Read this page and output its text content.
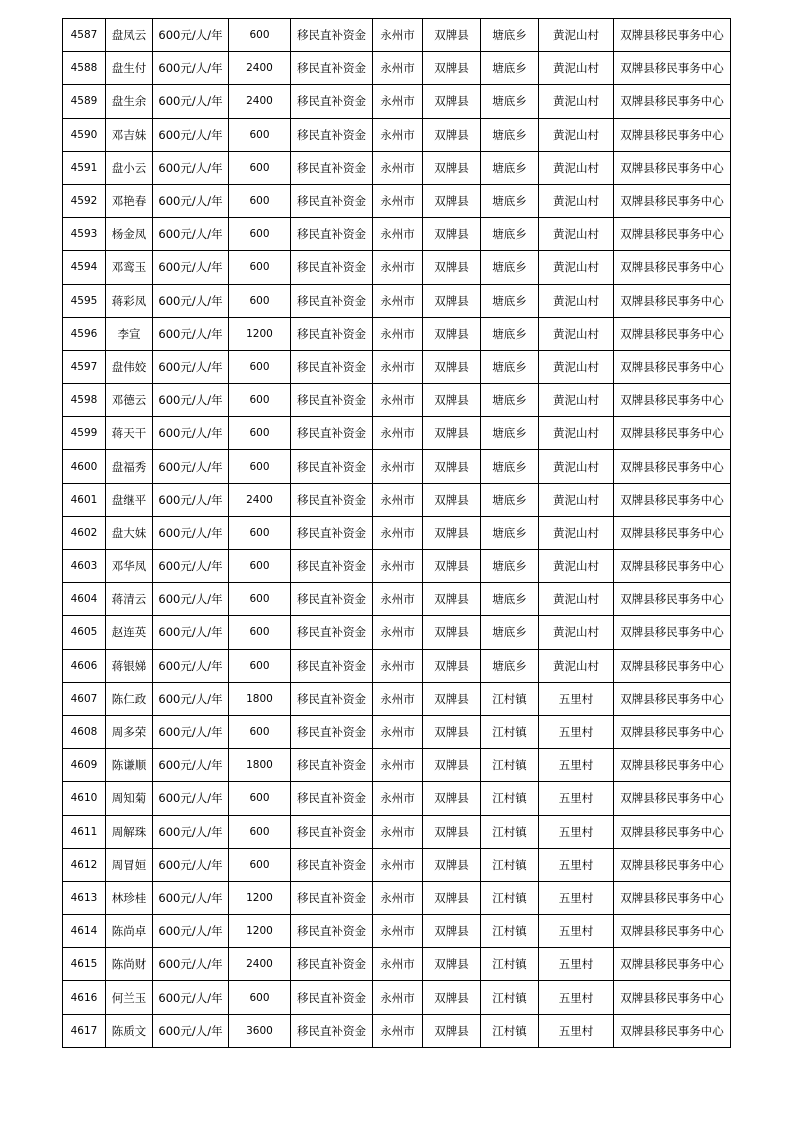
4587	盘凤云	600元/人/年	600	移民直补资金	永州市	双牌县	塘底乡	黄泥山村	双牌县移民事务中心
4588	盘生付	600元/人/年	2400	移民直补资金	永州市	双牌县	塘底乡	黄泥山村	双牌县移民事务中心
4589	盘生余	600元/人/年	2400	移民直补资金	永州市	双牌县	塘底乡	黄泥山村	双牌县移民事务中心
4590	邓吉妹	600元/人/年	600	移民直补资金	永州市	双牌县	塘底乡	黄泥山村	双牌县移民事务中心
4591	盘小云	600元/人/年	600	移民直补资金	永州市	双牌县	塘底乡	黄泥山村	双牌县移民事务中心
4592	邓艳春	600元/人/年	600	移民直补资金	永州市	双牌县	塘底乡	黄泥山村	双牌县移民事务中心
4593	杨金凤	600元/人/年	600	移民直补资金	永州市	双牌县	塘底乡	黄泥山村	双牌县移民事务中心
4594	邓鸾玉	600元/人/年	600	移民直补资金	永州市	双牌县	塘底乡	黄泥山村	双牌县移民事务中心
4595	蒋彩凤	600元/人/年	600	移民直补资金	永州市	双牌县	塘底乡	黄泥山村	双牌县移民事务中心
4596	李宣	600元/人/年	1200	移民直补资金	永州市	双牌县	塘底乡	黄泥山村	双牌县移民事务中心
4597	盘伟姣	600元/人/年	600	移民直补资金	永州市	双牌县	塘底乡	黄泥山村	双牌县移民事务中心
4598	邓德云	600元/人/年	600	移民直补资金	永州市	双牌县	塘底乡	黄泥山村	双牌县移民事务中心
4599	蒋天干	600元/人/年	600	移民直补资金	永州市	双牌县	塘底乡	黄泥山村	双牌县移民事务中心
4600	盘福秀	600元/人/年	600	移民直补资金	永州市	双牌县	塘底乡	黄泥山村	双牌县移民事务中心
4601	盘继平	600元/人/年	2400	移民直补资金	永州市	双牌县	塘底乡	黄泥山村	双牌县移民事务中心
4602	盘大妹	600元/人/年	600	移民直补资金	永州市	双牌县	塘底乡	黄泥山村	双牌县移民事务中心
4603	邓华凤	600元/人/年	600	移民直补资金	永州市	双牌县	塘底乡	黄泥山村	双牌县移民事务中心
4604	蒋清云	600元/人/年	600	移民直补资金	永州市	双牌县	塘底乡	黄泥山村	双牌县移民事务中心
4605	赵连英	600元/人/年	600	移民直补资金	永州市	双牌县	塘底乡	黄泥山村	双牌县移民事务中心
4606	蒋银娣	600元/人/年	600	移民直补资金	永州市	双牌县	塘底乡	黄泥山村	双牌县移民事务中心
4607	陈仁政	600元/人/年	1800	移民直补资金	永州市	双牌县	江村镇	五里村	双牌县移民事务中心
4608	周多荣	600元/人/年	600	移民直补资金	永州市	双牌县	江村镇	五里村	双牌县移民事务中心
4609	陈谦顺	600元/人/年	1800	移民直补资金	永州市	双牌县	江村镇	五里村	双牌县移民事务中心
4610	周知菊	600元/人/年	600	移民直补资金	永州市	双牌县	江村镇	五里村	双牌县移民事务中心
4611	周解珠	600元/人/年	600	移民直补资金	永州市	双牌县	江村镇	五里村	双牌县移民事务中心
4612	周冒姮	600元/人/年	600	移民直补资金	永州市	双牌县	江村镇	五里村	双牌县移民事务中心
4613	林珍桂	600元/人/年	1200	移民直补资金	永州市	双牌县	江村镇	五里村	双牌县移民事务中心
4614	陈尚卓	600元/人/年	1200	移民直补资金	永州市	双牌县	江村镇	五里村	双牌县移民事务中心
4615	陈尚财	600元/人/年	2400	移民直补资金	永州市	双牌县	江村镇	五里村	双牌县移民事务中心
4616	何兰玉	600元/人/年	600	移民直补资金	永州市	双牌县	江村镇	五里村	双牌县移民事务中心
4617	陈质文	600元/人/年	3600	移民直补资金	永州市	双牌县	江村镇	五里村	双牌县移民事务中心
